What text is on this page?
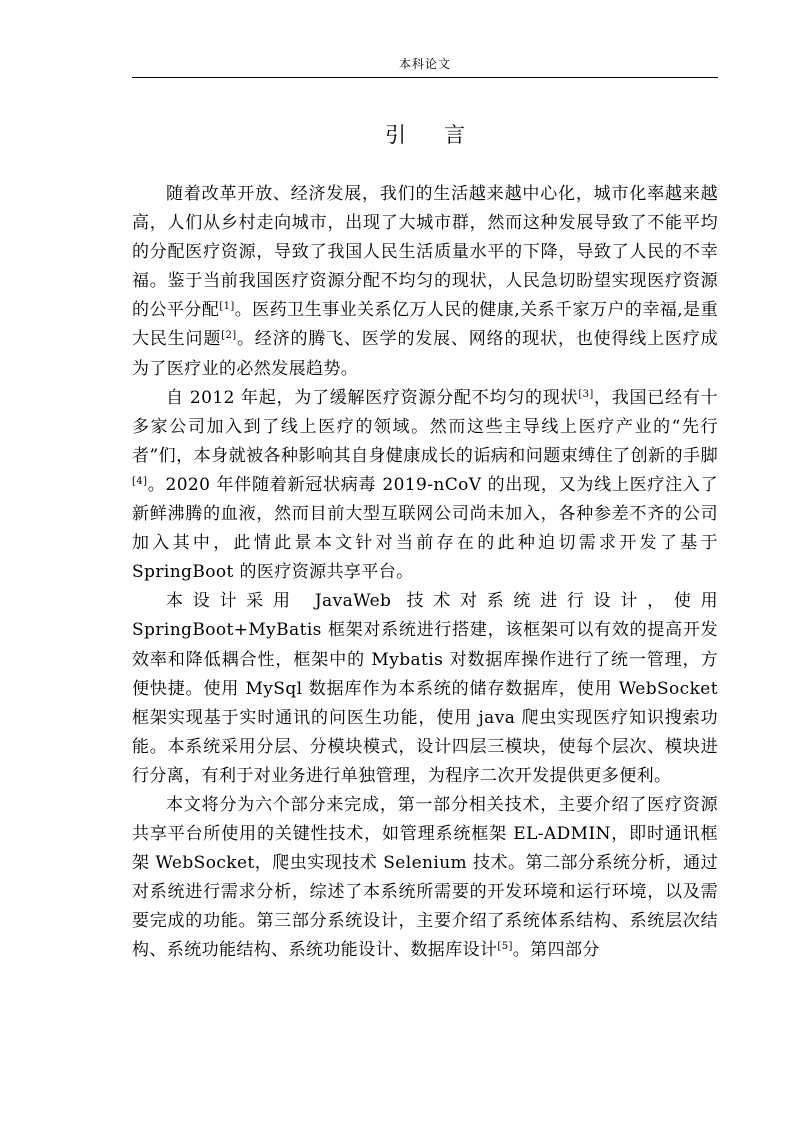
本科论文
引言

随着改革开放、经济发展，我们的生活越来越中心化，城市化率越来越高，人们从乡村走向城市，出现了大城市群，然而这种发展导致了不能平均的分配医疗资源，导致了我国人民生活质量水平的下降，导致了人民的不幸福。鉴于当前我国医疗资源分配不均匀的现状，人民急切盼望实现医疗资源的公平分配[1]。医药卫生事业关系亿万人民的健康,关系千家万户的幸福,是重大民生问题[2]。经济的腾飞、医学的发展、网络的现状，也使得线上医疗成为了医疗业的必然发展趋势。

自 2012 年起，为了缓解医疗资源分配不均匀的现状[3]，我国已经有十多家公司加入到了线上医疗的领域。然而这些主导线上医疗产业的“先行者”们，本身就被各种影响其自身健康成长的诟病和问题束缚住了创新的手脚[4]。2020 年伴随着新冠状病毒 2019-nCoV 的出现，又为线上医疗注入了新鲜沸腾的血液，然而目前大型互联网公司尚未加入，各种参差不齐的公司加入其中，此情此景本文针对当前存在的此种迫切需求开发了基于 SpringBoot 的医疗资源共享平台。

本设计采用 JavaWeb 技术对系统进行设计，使用 SpringBoot+MyBatis 框架对系统进行搭建，该框架可以有效的提高开发效率和降低耦合性，框架中的 Mybatis 对数据库操作进行了统一管理，方便快捷。使用 MySql 数据库作为本系统的储存数据库，使用 WebSocket 框架实现基于实时通讯的问医生功能，使用 java 爬虫实现医疗知识搜索功能。本系统采用分层、分模块模式，设计四层三模块，使每个层次、模块进行分离，有利于对业务进行单独管理，为程序二次开发提供更多便利。

本文将分为六个部分来完成，第一部分相关技术，主要介绍了医疗资源共享平台所使用的关键性技术，如管理系统框架 EL-ADMIN，即时通讯框架 WebSocket，爬虫实现技术 Selenium 技术。第二部分系统分析，通过对系统进行需求分析，综述了本系统所需要的开发环境和运行环境，以及需要完成的功能。第三部分系统设计，主要介绍了系统体系结构、系统层次结构、系统功能结构、系统功能设计、数据库设计[5]。第四部分
